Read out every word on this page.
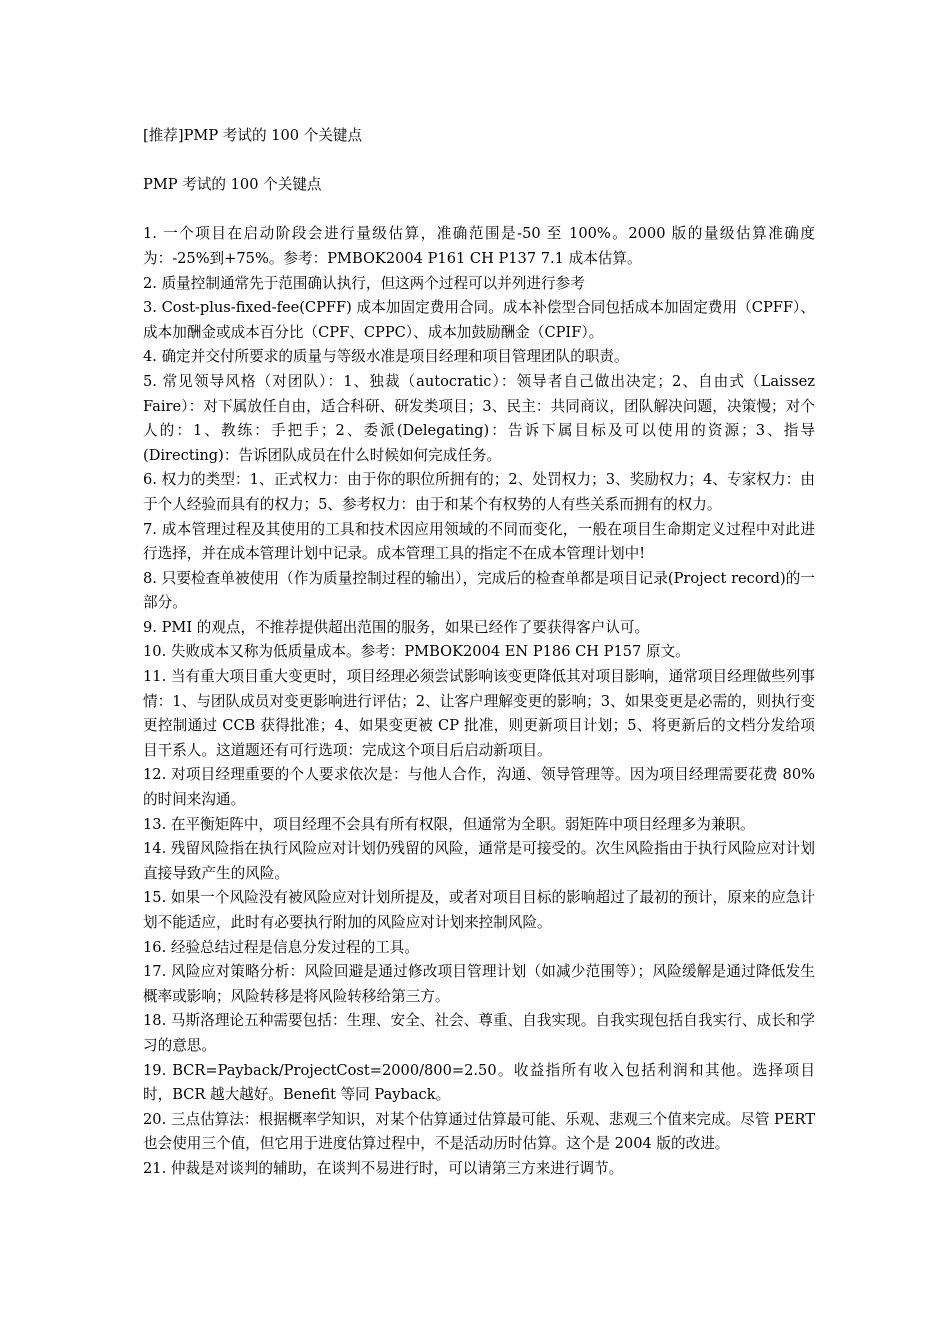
[推荐]PMP 考试的 100 个关键点

PMP 考试的 100 个关键点

1. 一个项目在启动阶段会进行量级估算，准确范围是-50 至 100%。2000 版的量级估算准确度为：-25%到+75%。参考：PMBOK2004 P161 CH P137 7.1 成本估算。

2. 质量控制通常先于范围确认执行，但这两个过程可以并列进行参考

3. Cost-plus-fixed-fee(CPFF) 成本加固定费用合同。成本补偿型合同包括成本加固定费用（CPFF）、成本加酬金或成本百分比（CPF、CPPC）、成本加鼓励酬金（CPIF）。

4. 确定并交付所要求的质量与等级水准是项目经理和项目管理团队的职责。

5. 常见领导风格（对团队）：1、独裁（autocratic）：领导者自己做出决定；2、自由式（Laissez Faire）：对下属放任自由，适合科研、研发类项目；3、民主：共同商议，团队解决问题，决策慢；对个人的：1、教练：手把手；2、委派(Delegating)：告诉下属目标及可以使用的资源；3、指导(Directing)：告诉团队成员在什么时候如何完成任务。

6. 权力的类型：1、正式权力：由于你的职位所拥有的；2、处罚权力；3、奖励权力；4、专家权力：由于个人经验而具有的权力；5、参考权力：由于和某个有权势的人有些关系而拥有的权力。

7. 成本管理过程及其使用的工具和技术因应用领域的不同而变化，一般在项目生命期定义过程中对此进行选择，并在成本管理计划中记录。成本管理工具的指定不在成本管理计划中!

8. 只要检查单被使用（作为质量控制过程的输出），完成后的检查单都是项目记录(Project record)的一部分。

9. PMI 的观点，不推荐提供超出范围的服务，如果已经作了要获得客户认可。

10. 失败成本又称为低质量成本。参考：PMBOK2004 EN P186 CH P157 原文。

11. 当有重大项目重大变更时，项目经理必须尝试影响该变更降低其对项目影响，通常项目经理做些列事情：1、与团队成员对变更影响进行评估；2、让客户理解变更的影响；3、如果变更是必需的，则执行变更控制通过 CCB 获得批准；4、如果变更被 CP 批准，则更新项目计划；5、将更新后的文档分发给项目干系人。这道题还有可行选项：完成这个项目后启动新项目。

12. 对项目经理重要的个人要求依次是：与他人合作，沟通、领导管理等。因为项目经理需要花费 80%的时间来沟通。

13. 在平衡矩阵中，项目经理不会具有所有权限，但通常为全职。弱矩阵中项目经理多为兼职。

14. 残留风险指在执行风险应对计划仍残留的风险，通常是可接受的。次生风险指由于执行风险应对计划直接导致产生的风险。

15. 如果一个风险没有被风险应对计划所提及，或者对项目目标的影响超过了最初的预计，原来的应急计划不能适应，此时有必要执行附加的风险应对计划来控制风险。

16. 经验总结过程是信息分发过程的工具。

17. 风险应对策略分析：风险回避是通过修改项目管理计划（如减少范围等）；风险缓解是通过降低发生概率或影响；风险转移是将风险转移给第三方。

18. 马斯洛理论五种需要包括：生理、安全、社会、尊重、自我实现。自我实现包括自我实行、成长和学习的意思。

19. BCR=Payback/ProjectCost=2000/800=2.50。收益指所有收入包括利润和其他。选择项目时，BCR 越大越好。Benefit 等同 Payback。

20. 三点估算法：根据概率学知识，对某个估算通过估算最可能、乐观、悲观三个值来完成。尽管 PERT 也会使用三个值，但它用于进度估算过程中，不是活动历时估算。这个是 2004 版的改进。

21. 仲裁是对谈判的辅助，在谈判不易进行时，可以请第三方来进行调节。
